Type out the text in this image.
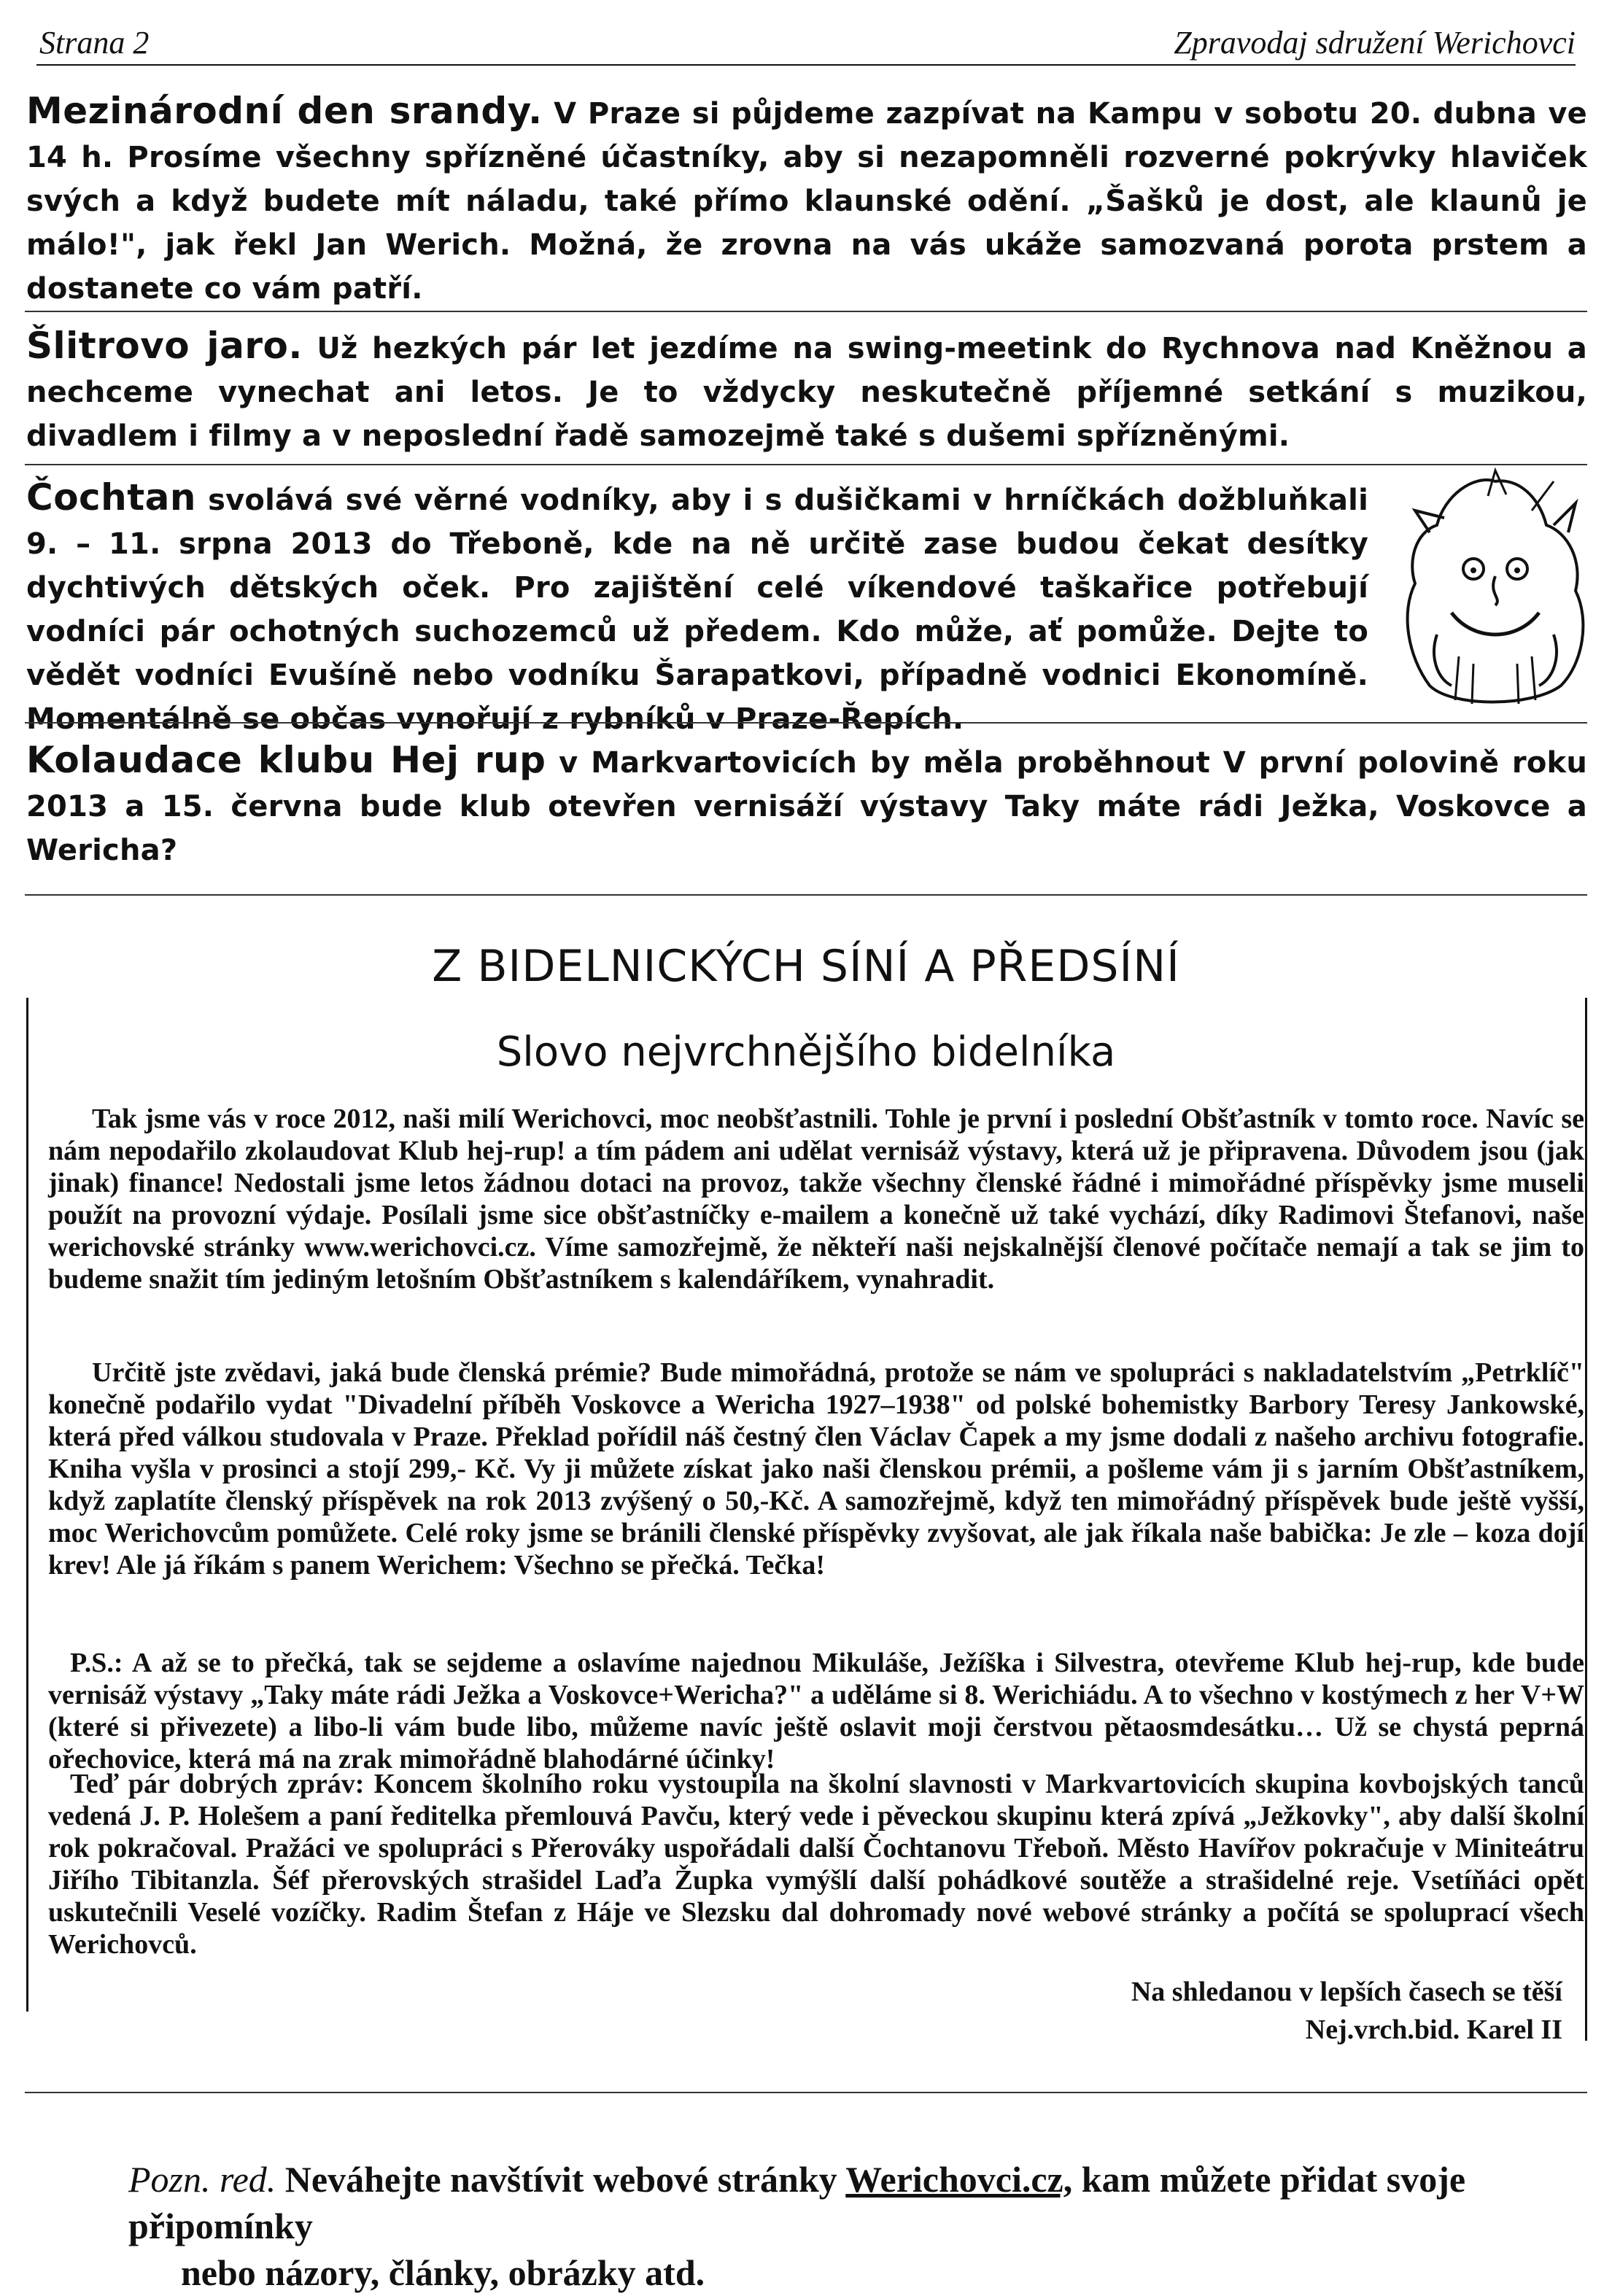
Strana 2	Zpravodaj sdružení Werichovci
Mezinárodní den srandy. V Praze si půjdeme zazpívat na Kampu v sobotu 20. dubna ve 14 h. Prosíme všechny spřízněné účastníky, aby si nezapomněli rozverné pokrývky hlaviček svých a když budete mít náladu, také přímo klaunské odění. „Šašků je dost, ale klaunů je málo!", jak řekl Jan Werich. Možná, že zrovna na vás ukáže samozvaná porota prstem a dostanete co vám patří.
Šlitrovo jaro. Už hezkých pár let jezdíme na swing-meetink do Rychnova nad Kněžnou a nechceme vynechat ani letos. Je to vždycky neskutečně příjemné setkání s muzikou, divadlem i filmy a v neposlední řadě samozejmě také s dušemi spřízněnými.
Čochtan svolává své věrné vodníky, aby i s dušičkami v hrníčkách dožbluňkali 9. – 11. srpna 2013 do Třeboně, kde na ně určitě zase budou čekat desítky dychtivých dětských oček. Pro zajištění celé víkendové taškařice potřebují vodníci pár ochotných suchozemců už předem. Kdo může, ať pomůže. Dejte to vědět vodníci Evušíně nebo vodníku Šarapatkovi, případně vodnici Ekonomíně. Momentálně se občas vynořují z rybníků v Praze-Řepích.
Kolaudace klubu Hej rup v Markvartovicích by měla proběhnout V první polovině roku 2013 a 15. června bude klub otevřen vernisáží výstavy Taky máte rádi Ježka, Voskovce a Wericha?
Z BIDELNICKÝCH SÍNÍ A PŘEDSÍNÍ
Slovo nejvrchnějšího bidelníka
Tak jsme vás v roce 2012, naši milí Werichovci, moc neobšťastnili. Tohle je první i poslední Obšťastník v tomto roce. Navíc se nám nepodařilo zkolaudovat Klub hej-rup! a tím pádem ani udělat vernisáž výstavy, která už je připravena. Důvodem jsou (jak jinak) finance! Nedostali jsme letos žádnou dotaci na provoz, takže všechny členské řádné i mimořádné příspěvky jsme museli použít na provozní výdaje. Posílali jsme sice obšťastníčky e-mailem a konečně už také vychází, díky Radimovi Štefanovi, naše werichovské stránky www.werichovci.cz. Víme samozřejmě, že někteří naši nejskalnější členové počítače nemají a tak se jim to budeme snažit tím jediným letošním Obšťastníkem s kalendáříkem, vynahradit.
Určitě jste zvědavi, jaká bude členská prémie? Bude mimořádná, protože se nám ve spolupráci s nakladatelstvím „Petrklíč" konečně podařilo vydat "Divadelní příběh Voskovce a Wericha 1927–1938" od polské bohemistky Barbory Teresy Jankowské, která před válkou studovala v Praze. Překlad pořídil náš čestný člen Václav Čapek a my jsme dodali z našeho archivu fotografie. Kniha vyšla v prosinci a stojí 299,- Kč. Vy ji můžete získat jako naši členskou prémii, a pošleme vám ji s jarním Obšťastníkem, když zaplatíte členský příspěvek na rok 2013 zvýšený o 50,-Kč. A samozřejmě, když ten mimořádný příspěvek bude ještě vyšší, moc Werichovcům pomůžete. Celé roky jsme se bránili členské příspěvky zvyšovat, ale jak říkala naše babička: Je zle – koza dojí krev! Ale já říkám s panem Werichem: Všechno se přečká. Tečka!
P.S.: A až se to přečká, tak se sejdeme a oslavíme najednou Mikuláše, Ježíška i Silvestra, otevřeme Klub hej-rup, kde bude vernisáž výstavy „Taky máte rádi Ježka a Voskovce+Wericha?" a uděláme si 8. Werichiádu. A to všechno v kostýmech z her V+W (které si přivezete) a libo-li vám bude libo, můžeme navíc ještě oslavit moji čerstvou pětaosmdesátku… Už se chystá peprná ořechovice, která má na zrak mimořádně blahodárné účinky!
Teď pár dobrých zpráv: Koncem školního roku vystoupila na školní slavnosti v Markvartovicích skupina kovbojských tanců vedená J. P. Holešem a paní ředitelka přemlouvá Pavču, který vede i pěveckou skupinu která zpívá „Ježkovky", aby další školní rok pokračoval. Pražáci ve spolupráci s Přerováky uspořádali další Čochtanovu Třeboň. Město Havířov pokračuje v Miniteátru Jiřího Tibitanzla. Šéf přerovských strašidel Laďa Župka vymýšlí další pohádkové soutěže a strašidelné reje. Vsetíňáci opět uskutečnili Veselé vozíčky. Radim Štefan z Háje ve Slezsku dal dohromady nové webové stránky a počítá se spoluprací všech Werichovců.
Na shledanou v lepších časech se těší
Nej.vrch.bid. Karel II
Pozn. red. Neváhejte navštívit webové stránky Werichovci.cz, kam můžete přidat svoje připomínky
nebo názory, články, obrázky atd.
